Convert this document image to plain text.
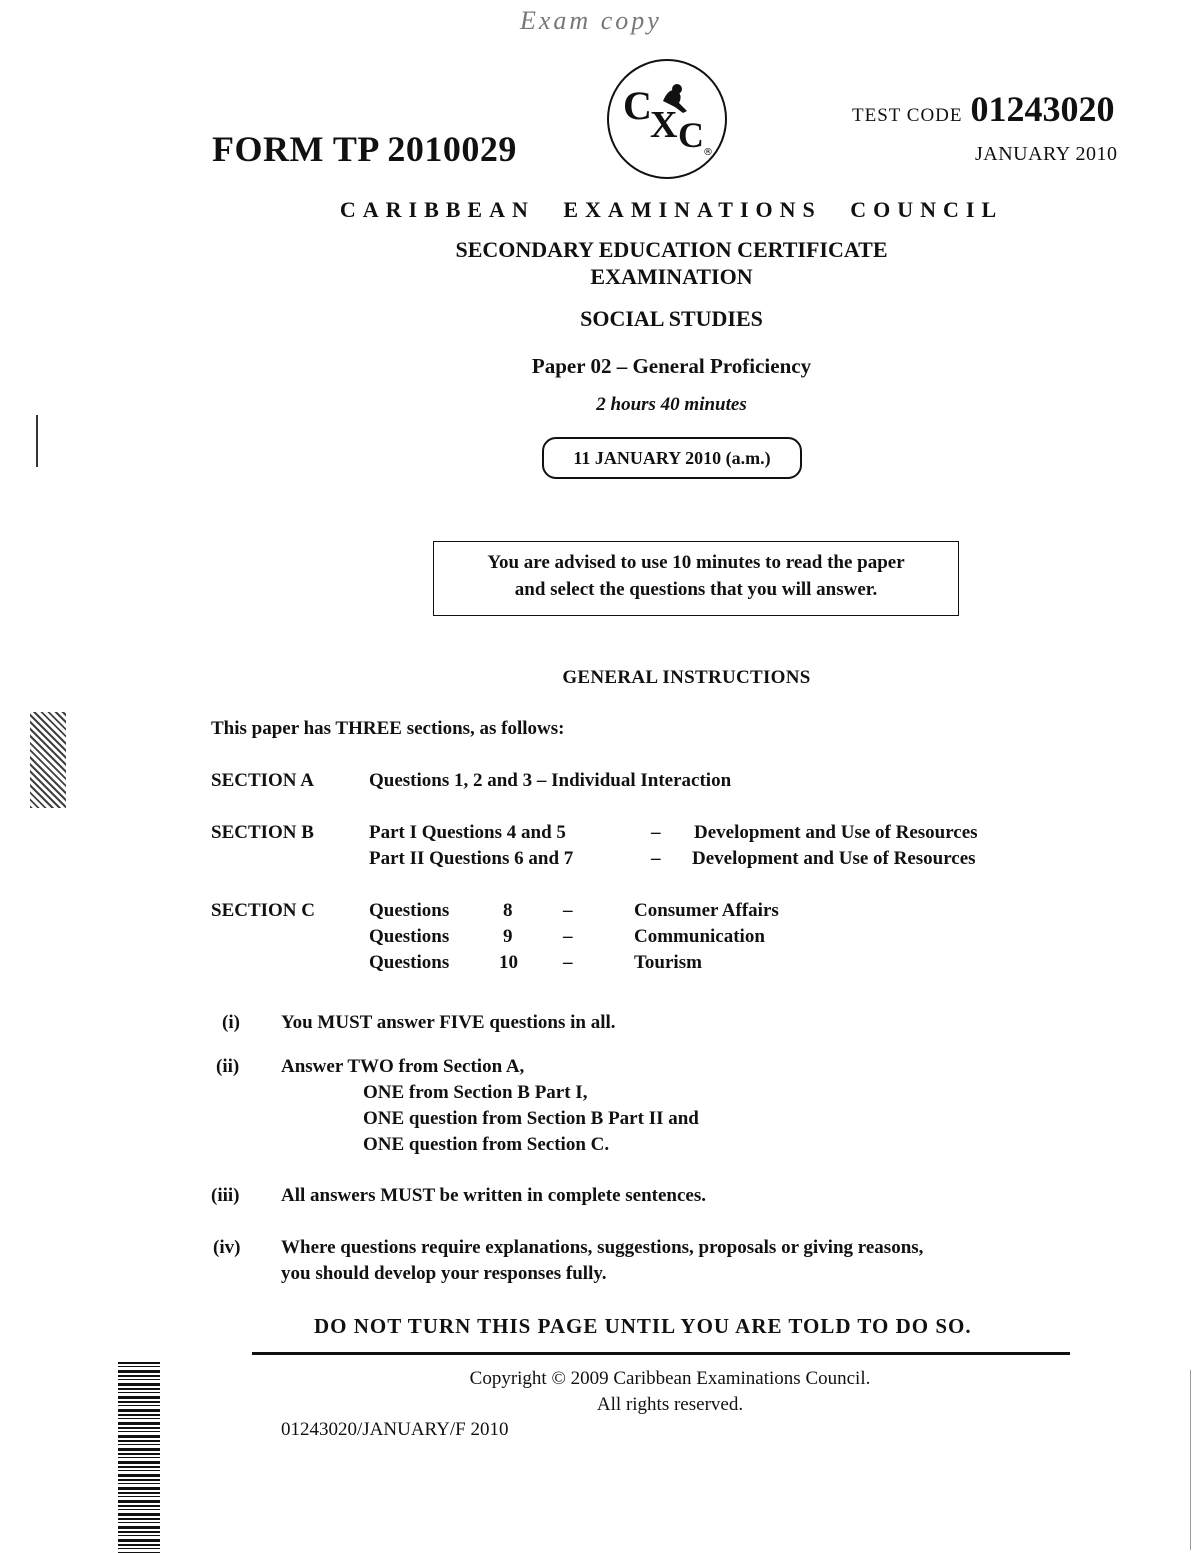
Exam copy
FORM TP 2010029
C
X C ®
TEST CODE 01243020
JANUARY 2010
CARIBBEAN EXAMINATIONS COUNCIL
SECONDARY EDUCATION CERTIFICATE
EXAMINATION
SOCIAL STUDIES
Paper 02 – General Proficiency
2 hours 40 minutes
11 JANUARY 2010 (a.m.)
You are advised to use 10 minutes to read the paper
and select the questions that you will answer.
GENERAL INSTRUCTIONS
This paper has THREE sections, as follows:
SECTION A	Questions 1, 2 and 3 – Individual Interaction
SECTION B	Part I Questions 4 and 5	– Development and Use of Resources
Part II Questions 6 and 7	– Development and Use of Resources
SECTION C	Questions	8	–	Consumer Affairs
Questions	9	–	Communication
Questions	10 –	Tourism
(i) You MUST answer FIVE questions in all.
(ii) Answer TWO from Section A,
ONE from Section B Part I,
ONE question from Section B Part II and
ONE question from Section C.
(iii) All answers MUST be written in complete sentences.
(iv) Where questions require explanations, suggestions, proposals or giving reasons,
you should develop your responses fully.
DO NOT TURN THIS PAGE UNTIL YOU ARE TOLD TO DO SO.
Copyright © 2009 Caribbean Examinations Council.
All rights reserved.
01243020/JANUARY/F 2010
